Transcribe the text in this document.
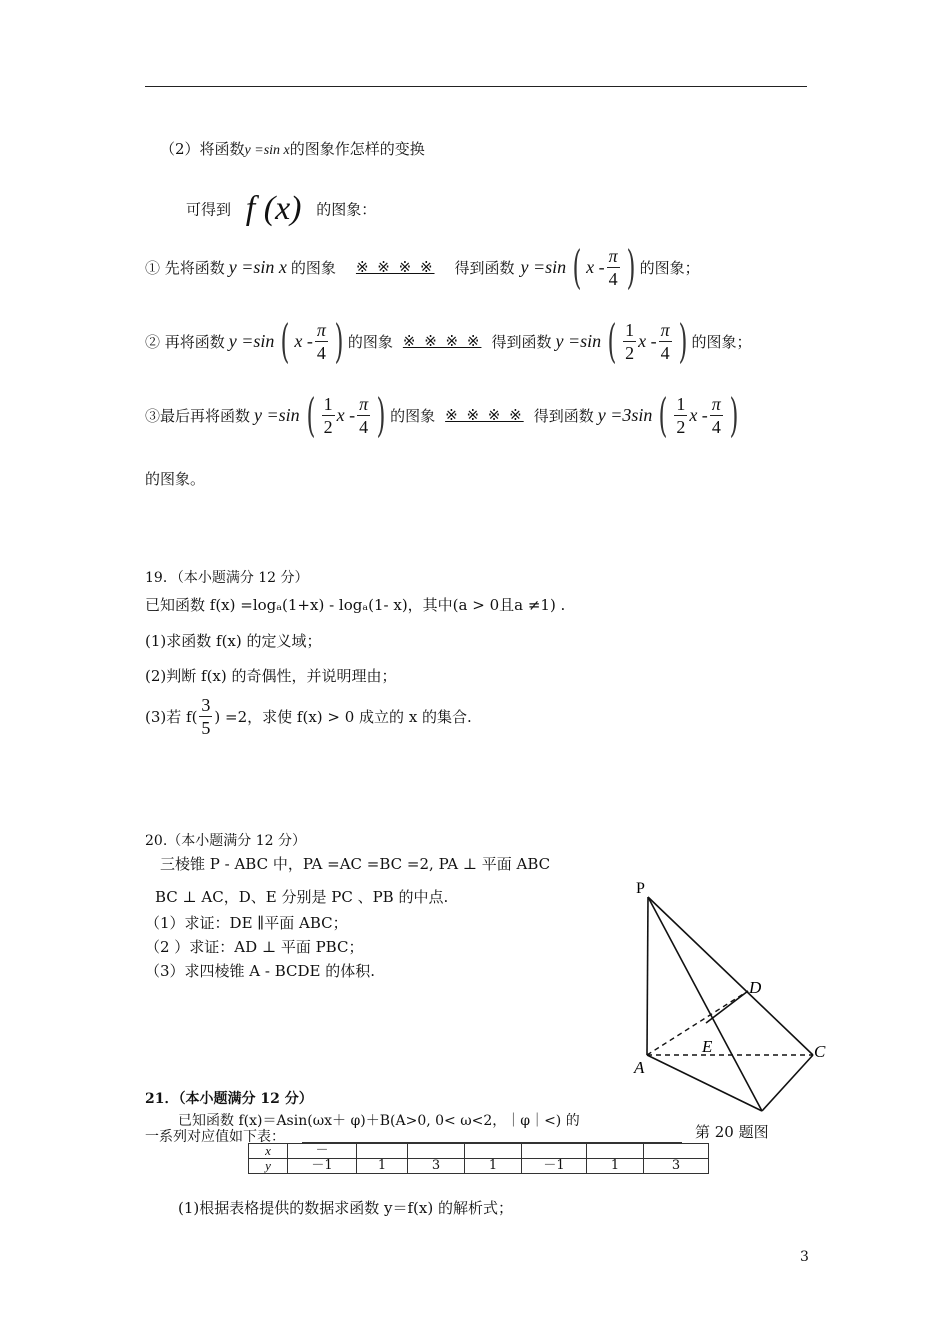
（2）将函数y =sin x的图象作怎样的变换
可得到 f (x) 的图象：
① 先将函数 y =sin x 的图象	※ ※ ※ ※	得到函数 y =sin ( x - $\frac{\pi}{4}$ ) 的图象；
② 再将函数 y =sin ( x - $\frac{\pi}{4}$ ) 的图象 ※ ※ ※ ※ 得到函数 y =sin ( $\frac{1}{2}$ x - $\frac{\pi}{4}$ ) 的图象；
③最后再将函数 y =sin ( $\frac{1}{2}$ x - $\frac{\pi}{4}$ ) 的图象 ※ ※ ※ ※ 得到函数 y =3sin ( $\frac{1}{2}$ x - $\frac{\pi}{4}$ )
的图象。
19．（本小题满分 12 分）
已知函数 f(x) =logₐ(1+x) - logₐ(1- x)，其中(a > 0且a ≠1) .
(1)求函数 f(x) 的定义域；
(2)判断 f(x) 的奇偶性，并说明理由；
(3)若 $f( \frac{3}{5}$ ) =2，求使 f(x) > 0 成立的 x 的集合.
20.（本小题满分 12 分）
三棱锥 P - ABC 中，PA =AC =BC =2, PA ⊥ 平面 ABC
BC ⊥ AC，D、E 分别是 PC 、PB 的中点.
（1）求证：DE ∥平面 ABC；
（2 ）求证：AD ⊥ 平面 PBC；
（3）求四棱锥 A - BCDE 的体积.
P
D
E
A
C
第 20 题图
21．（本小题满分 12 分）
已知函数 f(x)＝Asin(ωx＋ φ)＋B(A>0, 0< ω<2，｜φ｜<) 的
一系列对应值如下表：
x	－						
y	－1	1	3	1	－1	1	3
(1)根据表格提供的数据求函数 y＝f(x) 的解析式；
3
